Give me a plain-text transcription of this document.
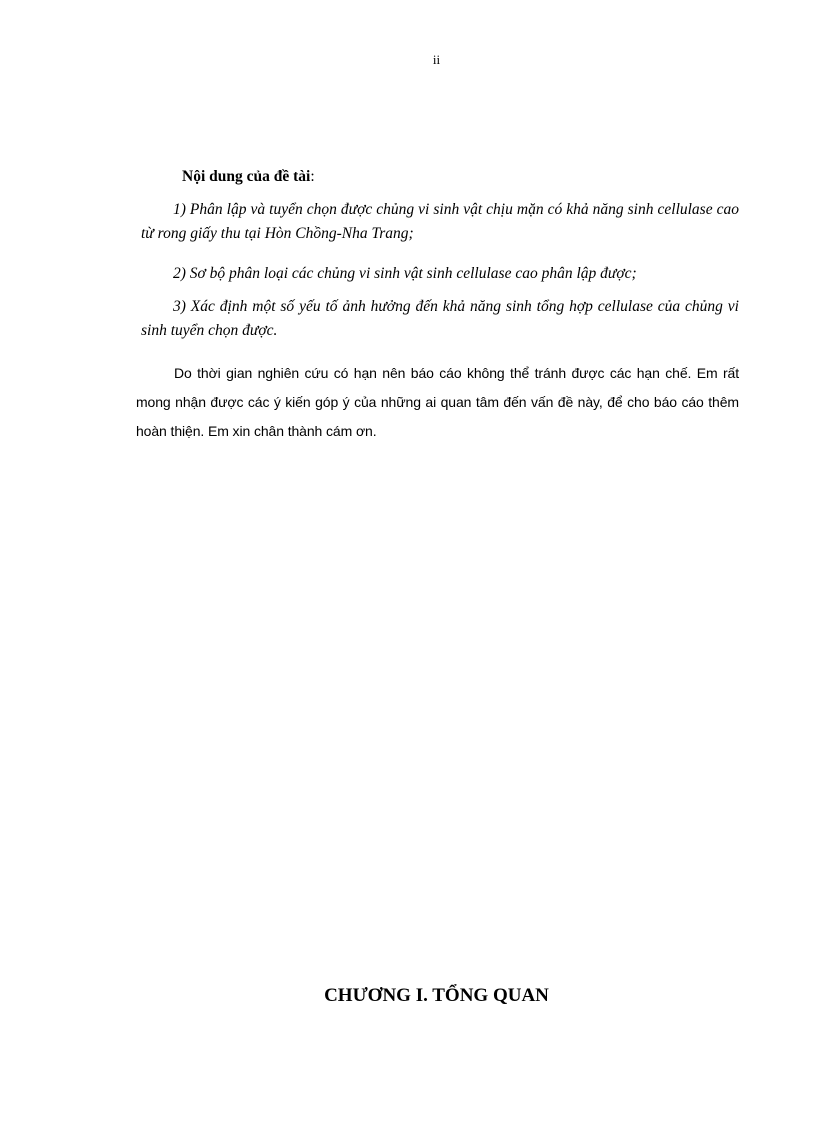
ii
Nội dung của đề tài:

1) Phân lập và tuyển chọn được chủng vi sinh vật chịu mặn có khả năng sinh cellulase cao từ rong giấy thu tại Hòn Chồng-Nha Trang;

2) Sơ bộ phân loại các chủng vi sinh vật sinh cellulase cao phân lập được;

3) Xác định một số yếu tố ảnh hưởng đến khả năng sinh tổng hợp cellulase của chủng vi sinh tuyển chọn được.

Do thời gian nghiên cứu có hạn nên báo cáo không thể tránh được các hạn chế. Em rất mong nhận được các ý kiến góp ý của những ai quan tâm đến vấn đề này, để cho báo cáo thêm hoàn thiện. Em xin chân thành cám ơn.

CHƯƠNG I. TỔNG QUAN
